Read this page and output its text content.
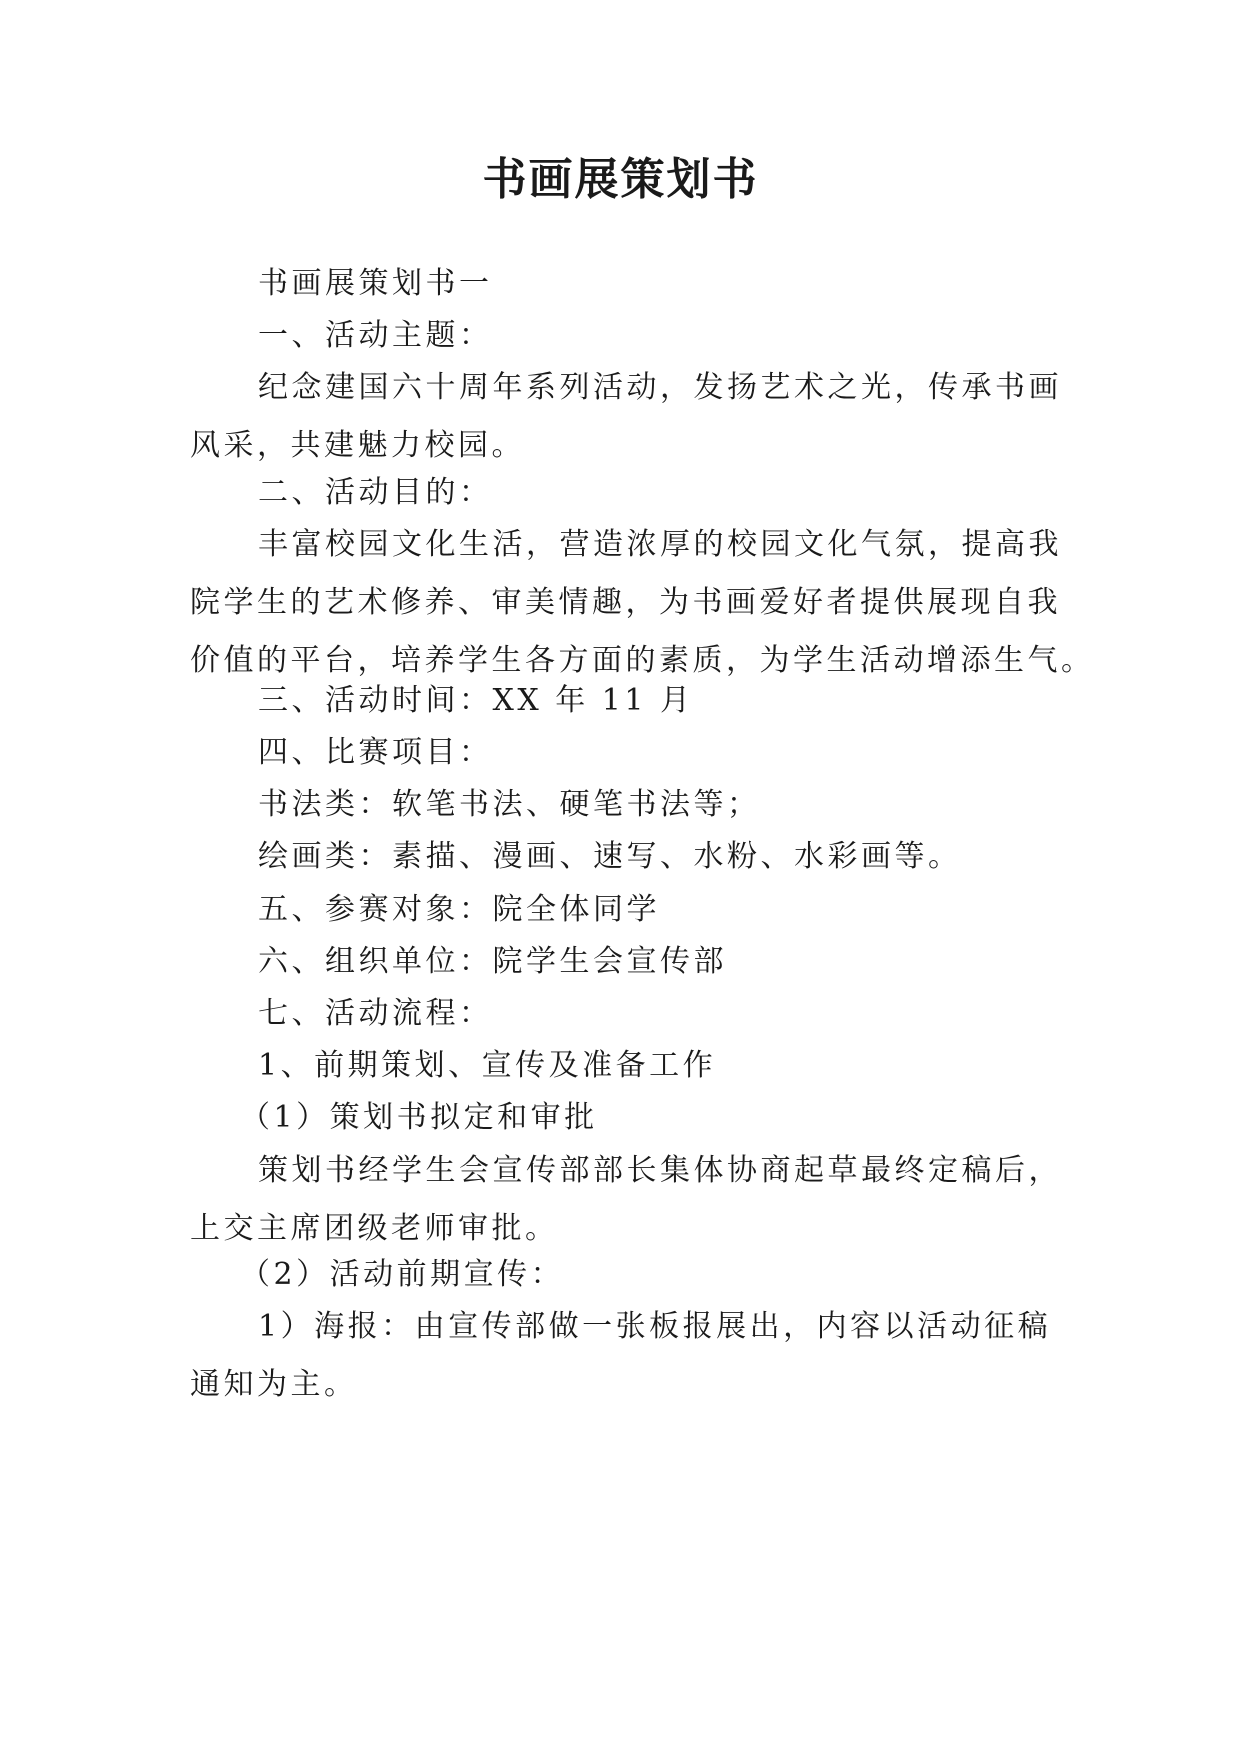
书画展策划书
书画展策划书一
一、活动主题：
纪念建国六十周年系列活动，发扬艺术之光，传承书画
风采，共建魅力校园。
二、活动目的：
丰富校园文化生活，营造浓厚的校园文化气氛，提高我
院学生的艺术修养、审美情趣，为书画爱好者提供展现自我
价值的平台，培养学生各方面的素质，为学生活动增添生气。
三、活动时间：XX 年 11 月
四、比赛项目：
书法类：软笔书法、硬笔书法等；
绘画类：素描、漫画、速写、水粉、水彩画等。
五、参赛对象：院全体同学
六、组织单位：院学生会宣传部
七、活动流程：
1、前期策划、宣传及准备工作
（1）策划书拟定和审批
策划书经学生会宣传部部长集体协商起草最终定稿后，
上交主席团级老师审批。
（2）活动前期宣传：
1）海报：由宣传部做一张板报展出，内容以活动征稿
通知为主。
